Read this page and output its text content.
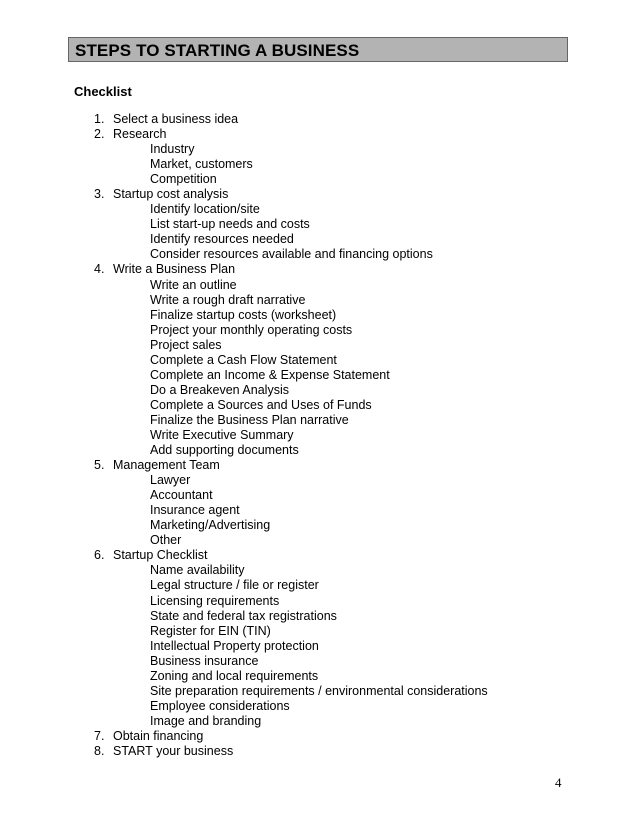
STEPS TO STARTING A BUSINESS
Checklist
1. Select a business idea
2. Research
Industry
Market, customers
Competition
3. Startup cost analysis
Identify location/site
List start-up needs and costs
Identify resources needed
Consider resources available and financing options
4. Write a Business Plan
Write an outline
Write a rough draft narrative
Finalize startup costs (worksheet)
Project your monthly operating costs
Project sales
Complete a Cash Flow Statement
Complete an Income & Expense Statement
Do a Breakeven Analysis
Complete a Sources and Uses of Funds
Finalize the Business Plan narrative
Write Executive Summary
Add supporting documents
5. Management Team
Lawyer
Accountant
Insurance agent
Marketing/Advertising
Other
6. Startup Checklist
Name availability
Legal structure / file or register
Licensing requirements
State and federal tax registrations
Register for EIN (TIN)
Intellectual Property protection
Business insurance
Zoning and local requirements
Site preparation requirements / environmental considerations
Employee considerations
Image and branding
7. Obtain financing
8. START your business
4
